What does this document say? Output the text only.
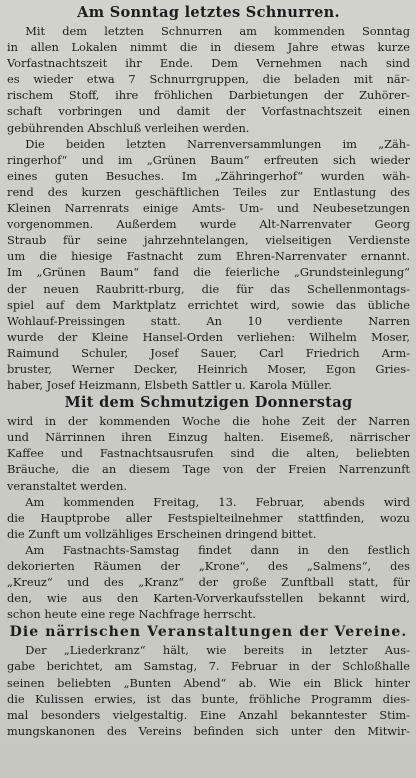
Am Sonntag letztes Schnurren.

Mit dem letzten Schnurren am kommenden Sonntag
in allen Lokalen nimmt die in diesem Jahre etwas kurze
Vorfastnachtszeit ihr Ende. Dem Vernehmen nach sind
es wieder etwa 7 Schnurrgruppen, die beladen mit när-
rischem Stoff, ihre fröhlichen Darbietungen der Zuhörer-
schaft vorbringen und damit der Vorfastnachtszeit einen
gebührenden Abschluß verleihen werden.

Die beiden letzten Narrenversammlungen im „Zäh-
ringerhof“ und im „Grünen Baum“ erfreuten sich wieder
eines guten Besuches. Im „Zähringerhof“ wurden wäh-
rend des kurzen geschäftlichen Teiles zur Entlastung des
Kleinen Narrenrats einige Amts- Um- und Neubesetzungen
vorgenommen. Außerdem wurde Alt-Narrenvater Georg
Straub für seine jahrzehntelangen, vielseitigen Verdienste
um die hiesige Fastnacht zum Ehren-Narrenvater ernannt.
Im „Grünen Baum“ fand die feierliche „Grundsteinlegung“
der neuen Raubritt-rburg, die für das Schellenmontags-
spiel auf dem Marktplatz errichtet wird, sowie das übliche
Wohlauf-Preissingen statt. An 10 verdiente Narren
wurde der Kleine Hansel-Orden verliehen: Wilhelm Moser,
Raimund Schuler, Josef Sauer, Carl Friedrich Arm-
bruster, Werner Decker, Heinrich Moser, Egon Gries-
haber, Josef Heizmann, Elsbeth Sattler u. Karola Müller.

Mit dem Schmutzigen Donnerstag

wird in der kommenden Woche die hohe Zeit der Narren
und Närrinnen ihren Einzug halten. Eisemeß, närrischer
Kaffee und Fastnachtsausrufen sind die alten, beliebten
Bräuche, die an diesem Tage von der Freien Narrenzunft
veranstaltet werden.

Am kommenden Freitag, 13. Februar, abends wird
die Hauptprobe aller Festspielteilnehmer stattfinden, wozu
die Zunft um vollzähliges Erscheinen dringend bittet.

Am Fastnachts-Samstag findet dann in den festlich
dekorierten Räumen der „Krone“, des „Salmens“, des
„Kreuz“ und des „Kranz“ der große Zunftball statt, für
den, wie aus den Karten-Vorverkaufsstellen bekannt wird,
schon heute eine rege Nachfrage herrscht.

Die närrischen Veranstaltungen der Vereine.

Der „Liederkranz“ hält, wie bereits in letzter Aus-
gabe berichtet, am Samstag, 7. Februar in der Schloßhalle
seinen beliebten „Bunten Abend“ ab. Wie ein Blick hinter
die Kulissen erwies, ist das bunte, fröhliche Programm dies-
mal besonders vielgestaltig. Eine Anzahl bekanntester Stim-
mungskanonen des Vereins befinden sich unter den Mitwir-
